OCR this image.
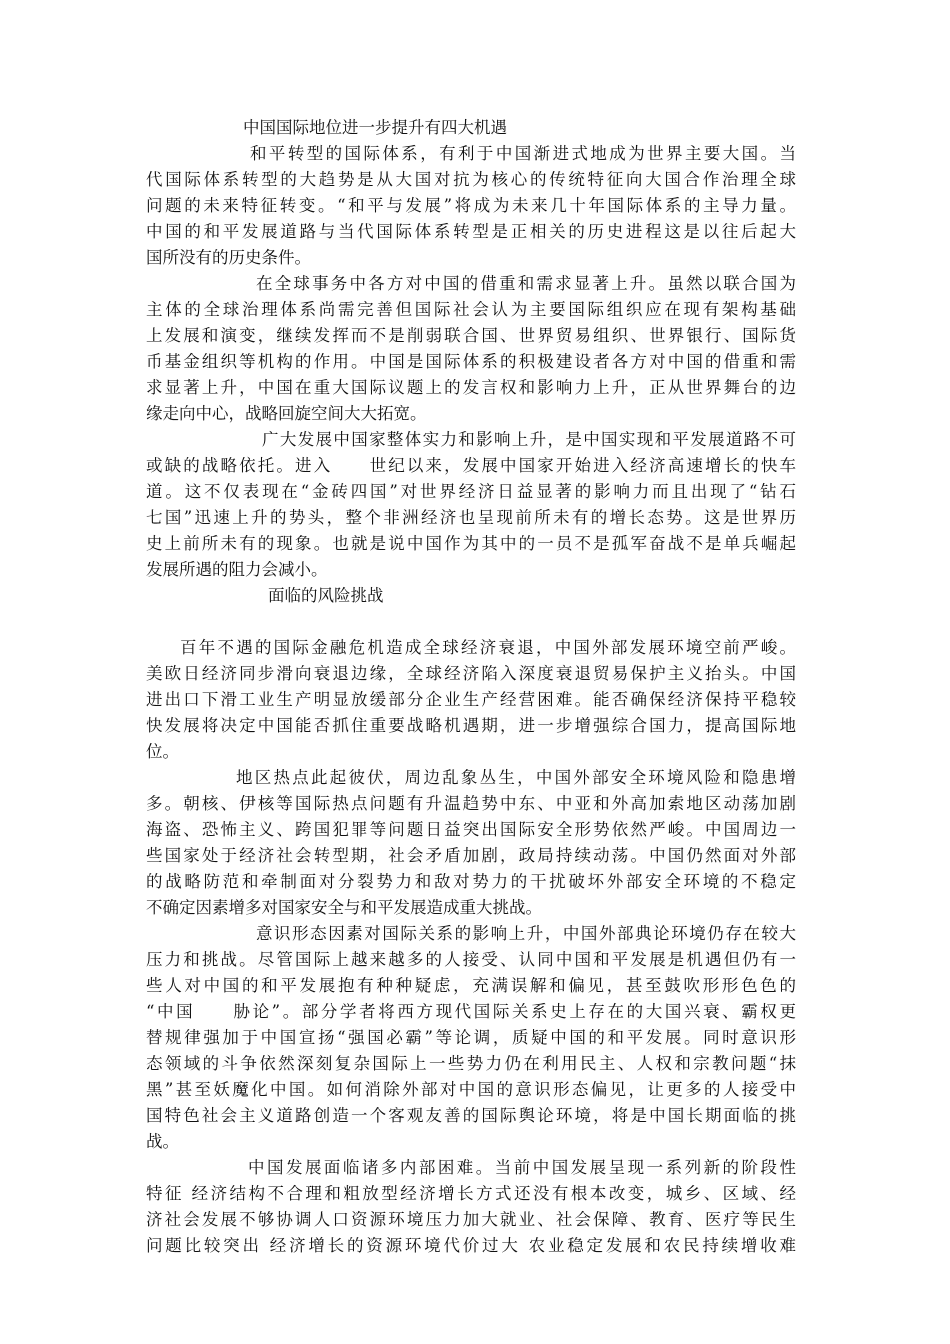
中国国际地位进一步提升有四大机遇
和平转型的国际体系，有利于中国渐进式地成为世界主要大国。当
代国际体系转型的大趋势是从大国对抗为核心的传统特征向大国合作治理全球
问题的未来特征转变。“和平与发展”将成为未来几十年国际体系的主导力量。
中国的和平发展道路与当代国际体系转型是正相关的历史进程这是以往后起大
国所没有的历史条件。
在全球事务中各方对中国的借重和需求显著上升。虽然以联合国为
主体的全球治理体系尚需完善但国际社会认为主要国际组织应在现有架构基础
上发展和演变，继续发挥而不是削弱联合国、世界贸易组织、世界银行、国际货
币基金组织等机构的作用。中国是国际体系的积极建设者各方对中国的借重和需
求显著上升，中国在重大国际议题上的发言权和影响力上升，正从世界舞台的边
缘走向中心，战略回旋空间大大拓宽。
广大发展中国家整体实力和影响上升，是中国实现和平发展道路不可
或缺的战略依托。进入　　世纪以来，发展中国家开始进入经济高速增长的快车
道。这不仅表现在“金砖四国”对世界经济日益显著的影响力而且出现了“钻石
七国”迅速上升的势头，整个非洲经济也呈现前所未有的增长态势。这是世界历
史上前所未有的现象。也就是说中国作为其中的一员不是孤军奋战不是单兵崛起
发展所遇的阻力会减小。
面临的风险挑战
百年不遇的国际金融危机造成全球经济衰退，中国外部发展环境空前严峻。
美欧日经济同步滑向衰退边缘，全球经济陷入深度衰退贸易保护主义抬头。中国
进出口下滑工业生产明显放缓部分企业生产经营困难。能否确保经济保持平稳较
快发展将决定中国能否抓住重要战略机遇期，进一步增强综合国力，提高国际地
位。
地区热点此起彼伏，周边乱象丛生，中国外部安全环境风险和隐患增
多。朝核、伊核等国际热点问题有升温趋势中东、中亚和外高加索地区动荡加剧
海盗、恐怖主义、跨国犯罪等问题日益突出国际安全形势依然严峻。中国周边一
些国家处于经济社会转型期，社会矛盾加剧，政局持续动荡。中国仍然面对外部
的战略防范和牵制面对分裂势力和敌对势力的干扰破坏外部安全环境的不稳定
不确定因素增多对国家安全与和平发展造成重大挑战。
意识形态因素对国际关系的影响上升，中国外部典论环境仍存在较大
压力和挑战。尽管国际上越来越多的人接受、认同中国和平发展是机遇但仍有一
些人对中国的和平发展抱有种种疑虑，充满误解和偏见，甚至鼓吹形形色色的
“中国　　胁论”。部分学者将西方现代国际关系史上存在的大国兴衰、霸权更
替规律强加于中国宣扬“强国必霸”等论调，质疑中国的和平发展。同时意识形
态领域的斗争依然深刻复杂国际上一些势力仍在利用民主、人权和宗教问题“抹
黑”甚至妖魔化中国。如何消除外部对中国的意识形态偏见，让更多的人接受中
国特色社会主义道路创造一个客观友善的国际舆论环境，将是中国长期面临的挑
战。
中国发展面临诸多内部困难。当前中国发展呈现一系列新的阶段性
特征 经济结构不合理和粗放型经济增长方式还没有根本改变，城乡、区域、经
济社会发展不够协调人口资源环境压力加大就业、社会保障、教育、医疗等民生
问题比较突出 经济增长的资源环境代价过大 农业稳定发展和农民持续增收难
